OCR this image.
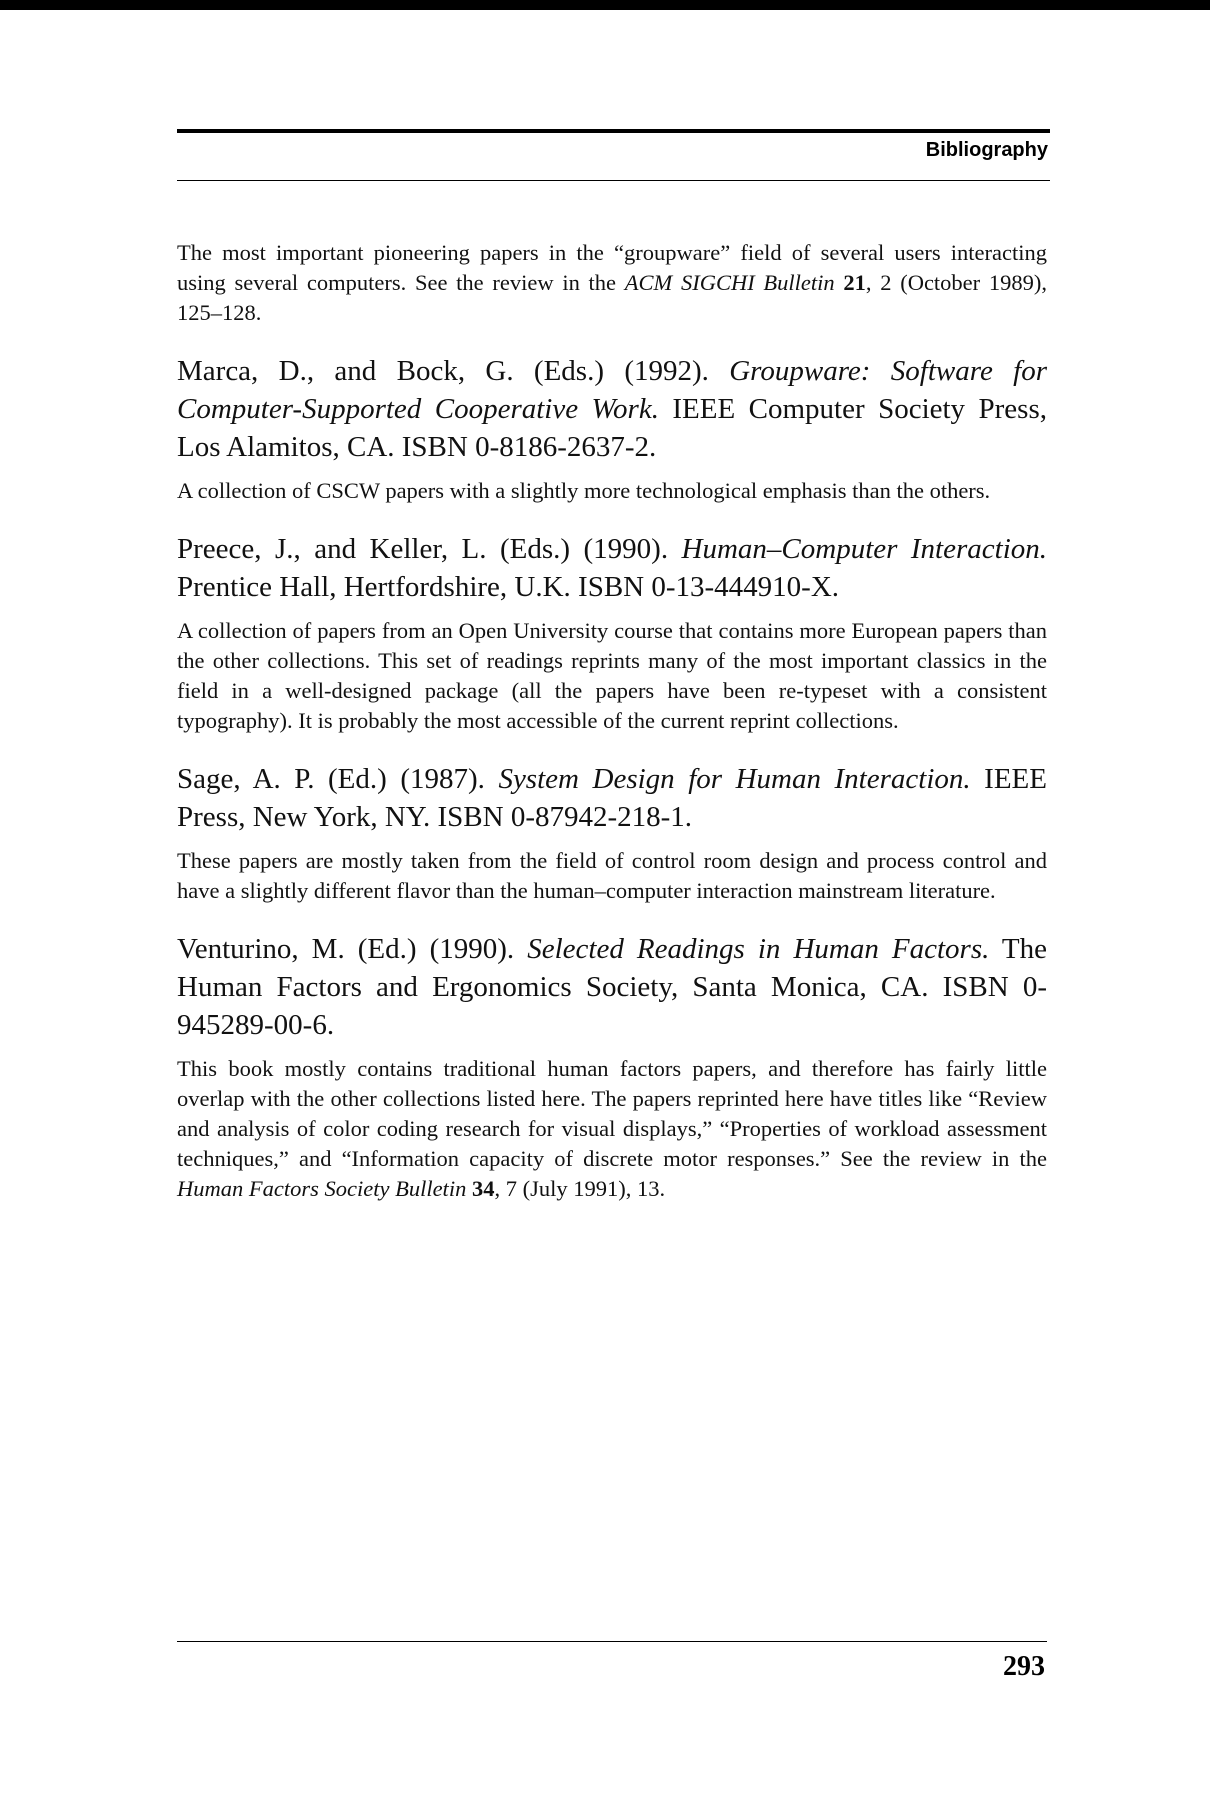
Bibliography

The most important pioneering papers in the “groupware” field of several users interacting using several computers. See the review in the ACM SIGCHI Bulletin 21, 2 (October 1989), 125–128.

Marca, D., and Bock, G. (Eds.) (1992). Groupware: Software for Computer-Supported Cooperative Work. IEEE Computer Society Press, Los Alamitos, CA. ISBN 0-8186-2637-2.

A collection of CSCW papers with a slightly more technological emphasis than the others.

Preece, J., and Keller, L. (Eds.) (1990). Human–Computer Interaction. Prentice Hall, Hertfordshire, U.K. ISBN 0-13-444910-X.

A collection of papers from an Open University course that contains more European papers than the other collections. This set of readings reprints many of the most important classics in the field in a well-designed package (all the papers have been re-typeset with a consistent typography). It is probably the most accessible of the current reprint collections.

Sage, A. P. (Ed.) (1987). System Design for Human Interaction. IEEE Press, New York, NY. ISBN 0-87942-218-1.

These papers are mostly taken from the field of control room design and process control and have a slightly different flavor than the human–computer interaction mainstream literature.

Venturino, M. (Ed.) (1990). Selected Readings in Human Factors. The Human Factors and Ergonomics Society, Santa Monica, CA. ISBN 0-945289-00-6.

This book mostly contains traditional human factors papers, and therefore has fairly little overlap with the other collections listed here. The papers reprinted here have titles like “Review and analysis of color coding research for visual displays,” “Properties of workload assessment techniques,” and “Information capacity of discrete motor responses.” See the review in the Human Factors Society Bulletin 34, 7 (July 1991), 13.

293
